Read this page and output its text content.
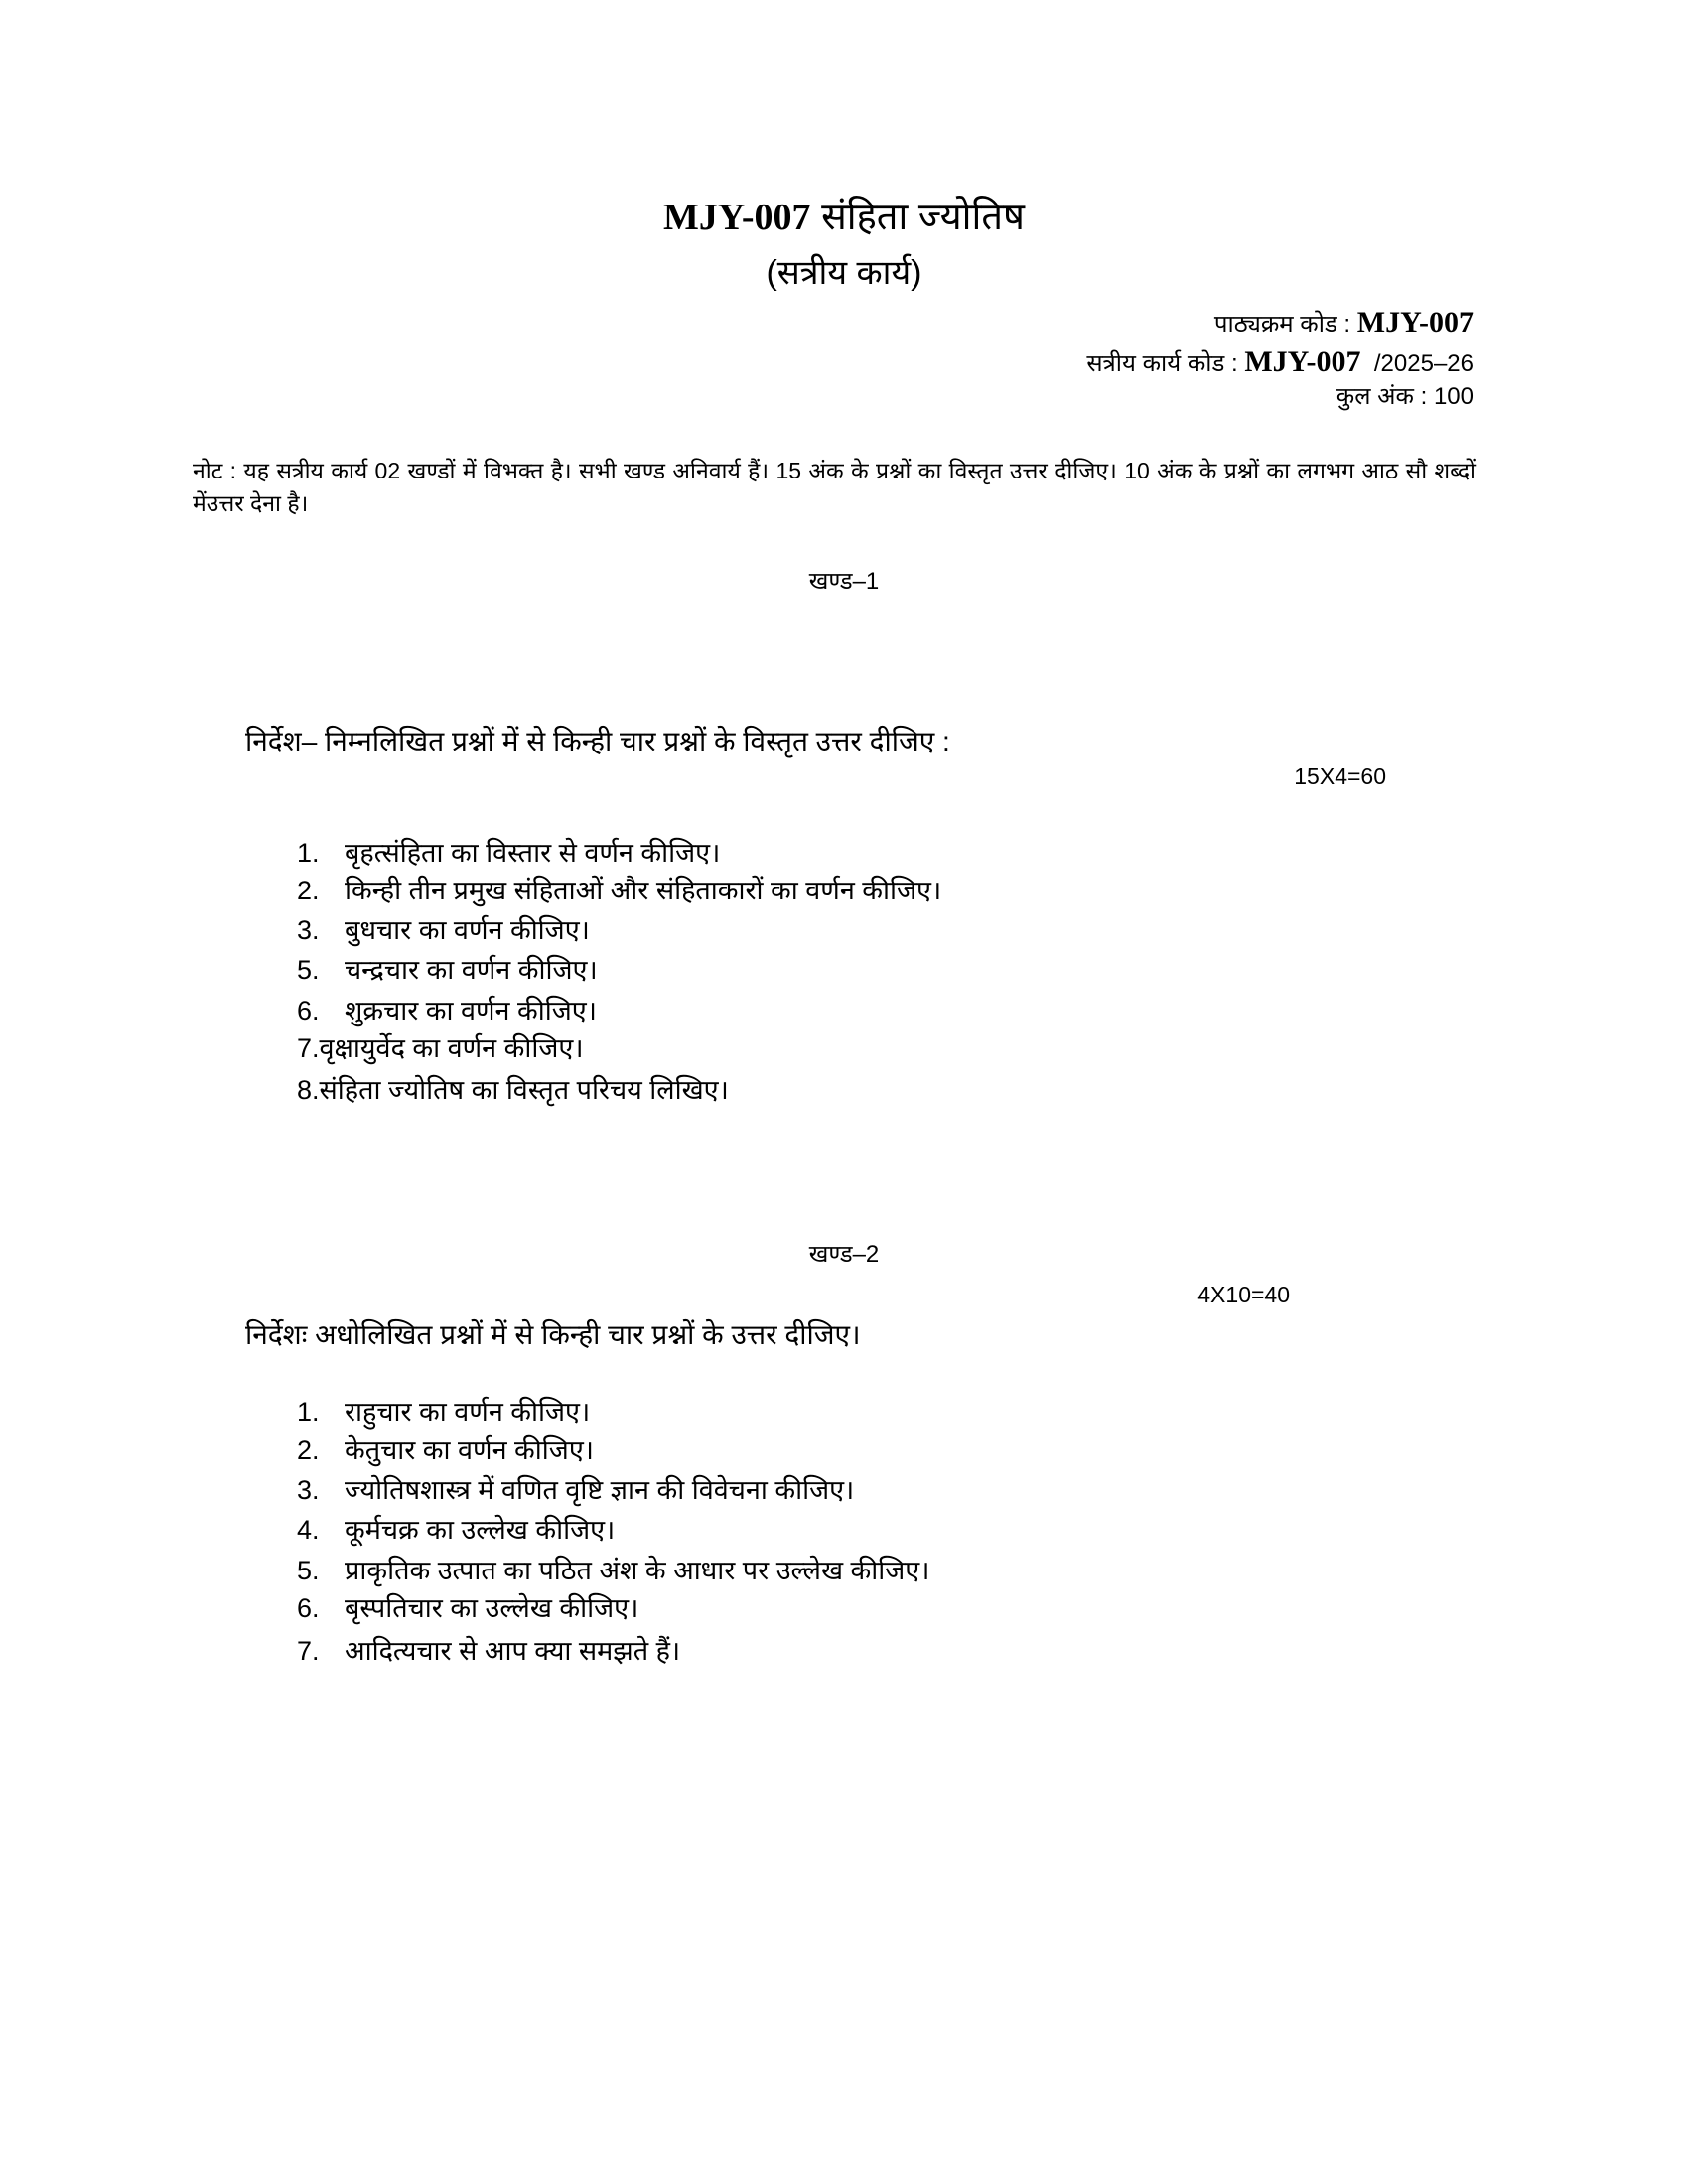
MJY-007 संहिता ज्योतिष
(सत्रीय कार्य)
पाठ्यक्रम कोड : MJY-007
सत्रीय कार्य कोड : MJY-007 /2025–26
कुल अंक : 100
नोट : यह सत्रीय कार्य 02 खण्डों में विभक्त है। सभी खण्ड अनिवार्य हैं। 15 अंक के प्रश्नों का विस्तृत उत्तर दीजिए। 10 अंक के प्रश्नों का लगभग आठ सौ शब्दों मेंउत्तर देना है।
खण्ड–1
निर्देश– निम्नलिखित प्रश्नों में से किन्ही चार प्रश्नों के विस्तृत उत्तर दीजिए :
15X4=60
1. बृहत्संहिता का विस्तार से वर्णन कीजिए।
2. किन्ही तीन प्रमुख संहिताओं और संहिताकारों का वर्णन कीजिए।
3. बुधचार का वर्णन कीजिए।
5. चन्द्रचार का वर्णन कीजिए।
6. शुक्रचार का वर्णन कीजिए।
7.वृक्षायुर्वेद का वर्णन कीजिए।
8.संहिता ज्योतिष का विस्तृत परिचय लिखिए।
खण्ड–2
4X10=40
निर्देशः अधोलिखित प्रश्नों में से किन्ही चार प्रश्नों के उत्तर दीजिए।
1. राहुचार का वर्णन कीजिए।
2. केतुचार का वर्णन कीजिए।
3. ज्योतिषशास्त्र में वणित वृष्टि ज्ञान की विवेचना कीजिए।
4. कूर्मचक्र का उल्लेख कीजिए।
5. प्राकृतिक उत्पात का पठित अंश के आधार पर उल्लेख कीजिए।
6. बृस्पतिचार का उल्लेख कीजिए।
7. आदित्यचार से आप क्या समझते हैं।
